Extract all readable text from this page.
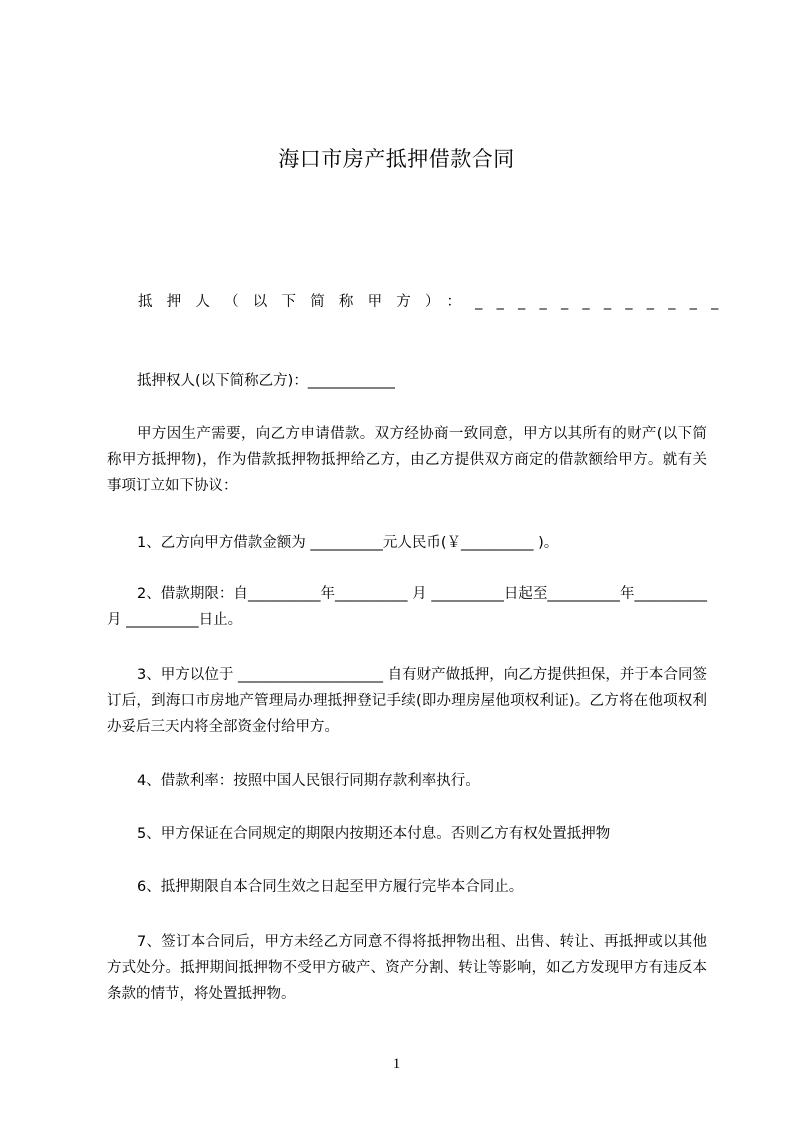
海口市房产抵押借款合同
抵押人（以下简称甲方）：____________
抵押权人(以下简称乙方)：____________
甲方因生产需要，向乙方申请借款。双方经协商一致同意，甲方以其所有的财产(以下简称甲方抵押物)，作为借款抵押物抵押给乙方，由乙方提供双方商定的借款额给甲方。就有关事项订立如下协议：
1、乙方向甲方借款金额为 __________元人民币(￥__________ )。
2、借款期限：自__________年__________ 月 __________日起至__________年__________月 __________日止。
3、甲方以位于 ____________________ 自有财产做抵押，向乙方提供担保，并于本合同签订后，到海口市房地产管理局办理抵押登记手续(即办理房屋他项权利证)。乙方将在他项权利办妥后三天内将全部资金付给甲方。
4、借款利率：按照中国人民银行同期存款利率执行。
5、甲方保证在合同规定的期限内按期还本付息。否则乙方有权处置抵押物
6、抵押期限自本合同生效之日起至甲方履行完毕本合同止。
7、签订本合同后，甲方未经乙方同意不得将抵押物出租、出售、转让、再抵押或以其他方式处分。抵押期间抵押物不受甲方破产、资产分割、转让等影响，如乙方发现甲方有违反本条款的情节，将处置抵押物。
1
